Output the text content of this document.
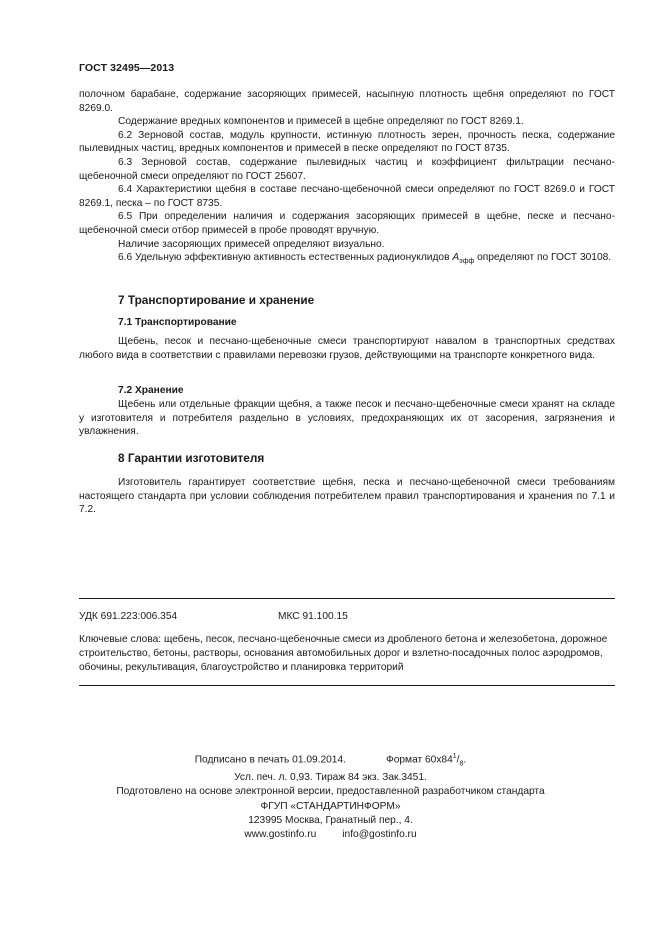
ГОСТ 32495—2013

полочном барабане, содержание засоряющих примесей, насыпную плотность щебня определяют по ГОСТ 8269.0.

Содержание вредных компонентов и примесей в щебне определяют по ГОСТ 8269.1.

6.2 Зерновой состав, модуль крупности, истинную плотность зерен, прочность песка, содержание пылевидных частиц, вредных компонентов и примесей в песке определяют по ГОСТ 8735.

6.3 Зерновой состав, содержание пылевидных частиц и коэффициент фильтрации песчано-щебеночной смеси определяют по ГОСТ 25607.

6.4 Характеристики щебня в составе песчано-щебеночной смеси определяют по ГОСТ 8269.0 и ГОСТ 8269.1, песка – по ГОСТ 8735.

6.5 При определении наличия и содержания засоряющих примесей в щебне, песке и песчано-щебеночной смеси отбор примесей в пробе проводят вручную.

Наличие засоряющих примесей определяют визуально.

6.6 Удельную эффективную активность естественных радионуклидов $А_{эфф}$ определяют по ГОСТ 30108.

7 Транспортирование и хранение
7.1 Транспортирование

Щебень, песок и песчано-щебеночные смеси транспортируют навалом в транспортных средствах любого вида в соответствии с правилами перевозки грузов, действующими на транспорте конкретного вида.

7.2 Хранение

Щебень или отдельные фракции щебня, а также песок и песчано-щебеночные смеси хранят на складе у изготовителя и потребителя раздельно в условиях, предохраняющих их от засорения, загрязнения и увлажнения.

8 Гарантии изготовителя

Изготовитель гарантирует соответствие щебня, песка и песчано-щебеночной смеси требованиям настоящего стандарта при условии соблюдения потребителем правил транспортирования и хранения по 7.1 и 7.2.

УДК 691.223:006.354	МКС 91.100.15

Ключевые слова: щебень, песок, песчано-щебеночные смеси из дробленого бетона и железобетона, дорожное строительство, бетоны, растворы, основания автомобильных дорог и взлетно-посадочных полос аэродромов, обочины, рекультивация, благоустройство и планировка территорий

Подписано в печать 01.09.2014.	Формат $60x84^1/_8$.
Усл. печ. л. 0,93. Тираж 84 экз. Зак.3451.
Подготовлено на основе электронной версии, предоставленной разработчиком стандарта
ФГУП «СТАНДАРТИНФОРМ»
123995 Москва, Гранатный пер., 4.
www.gostinfo.ru	info@gostinfo.ru
